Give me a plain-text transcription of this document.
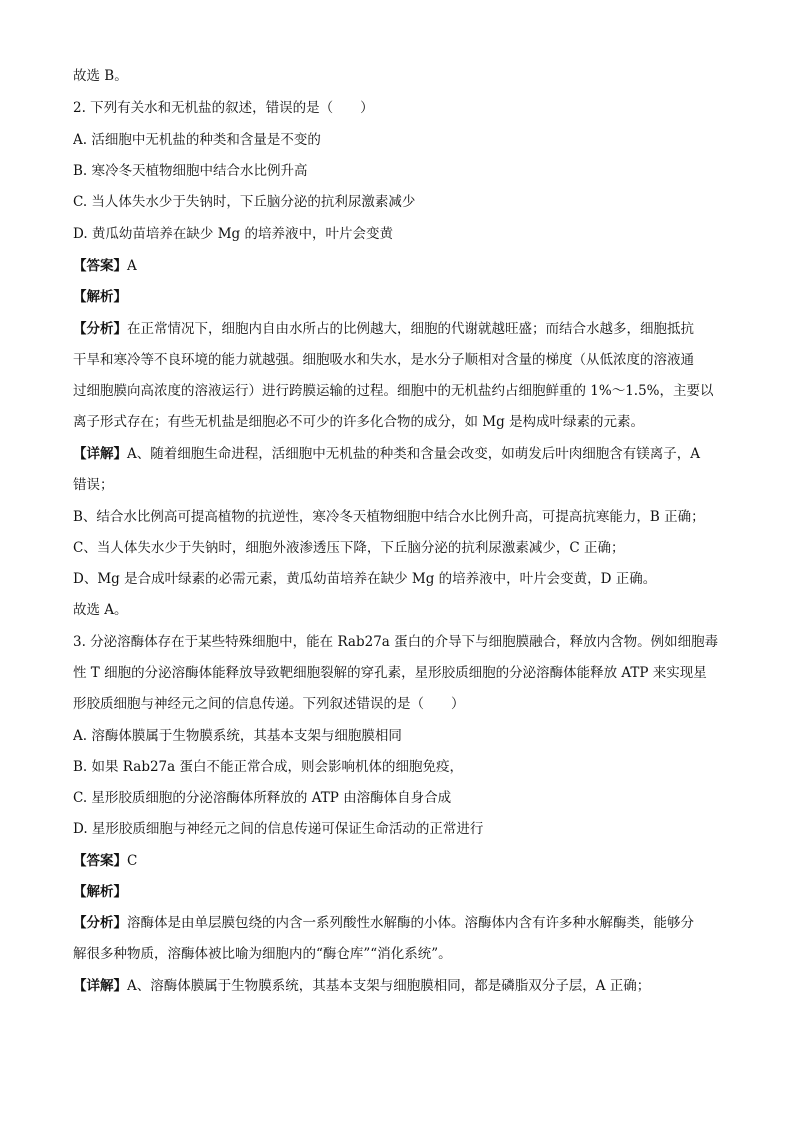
故选 B。
2. 下列有关水和无机盐的叙述，错误的是（　　）
A. 活细胞中无机盐的种类和含量是不变的
B. 寒冷冬天植物细胞中结合水比例升高
C. 当人体失水少于失钠时，下丘脑分泌的抗利尿激素减少
D. 黄瓜幼苗培养在缺少 Mg 的培养液中，叶片会变黄
【答案】A
【解析】
【分析】在正常情况下，细胞内自由水所占的比例越大，细胞的代谢就越旺盛；而结合水越多，细胞抵抗
干旱和寒冷等不良环境的能力就越强。细胞吸水和失水，是水分子顺相对含量的梯度（从低浓度的溶液通
过细胞膜向高浓度的溶液运行）进行跨膜运输的过程。细胞中的无机盐约占细胞鲜重的 1%～1.5%，主要以
离子形式存在；有些无机盐是细胞必不可少的许多化合物的成分，如 Mg 是构成叶绿素的元素。
【详解】A、随着细胞生命进程，活细胞中无机盐的种类和含量会改变，如萌发后叶肉细胞含有镁离子，A
错误；
B、结合水比例高可提高植物的抗逆性，寒冷冬天植物细胞中结合水比例升高，可提高抗寒能力，B 正确；
C、当人体失水少于失钠时，细胞外液渗透压下降，下丘脑分泌的抗利尿激素减少，C 正确；
D、Mg 是合成叶绿素的必需元素，黄瓜幼苗培养在缺少 Mg 的培养液中，叶片会变黄，D 正确。
故选 A。
3. 分泌溶酶体存在于某些特殊细胞中，能在 Rab27a 蛋白的介导下与细胞膜融合，释放内含物。例如细胞毒
性 T 细胞的分泌溶酶体能释放导致靶细胞裂解的穿孔素，星形胶质细胞的分泌溶酶体能释放 ATP 来实现星
形胶质细胞与神经元之间的信息传递。下列叙述错误的是（　　）
A. 溶酶体膜属于生物膜系统，其基本支架与细胞膜相同
B. 如果 Rab27a 蛋白不能正常合成，则会影响机体的细胞免疫，
C. 星形胶质细胞的分泌溶酶体所释放的 ATP 由溶酶体自身合成
D. 星形胶质细胞与神经元之间的信息传递可保证生命活动的正常进行
【答案】C
【解析】
【分析】溶酶体是由单层膜包绕的内含一系列酸性水解酶的小体。溶酶体内含有许多种水解酶类，能够分
解很多种物质，溶酶体被比喻为细胞内的“酶仓库”“消化系统”。
【详解】A、溶酶体膜属于生物膜系统，其基本支架与细胞膜相同，都是磷脂双分子层，A 正确；
